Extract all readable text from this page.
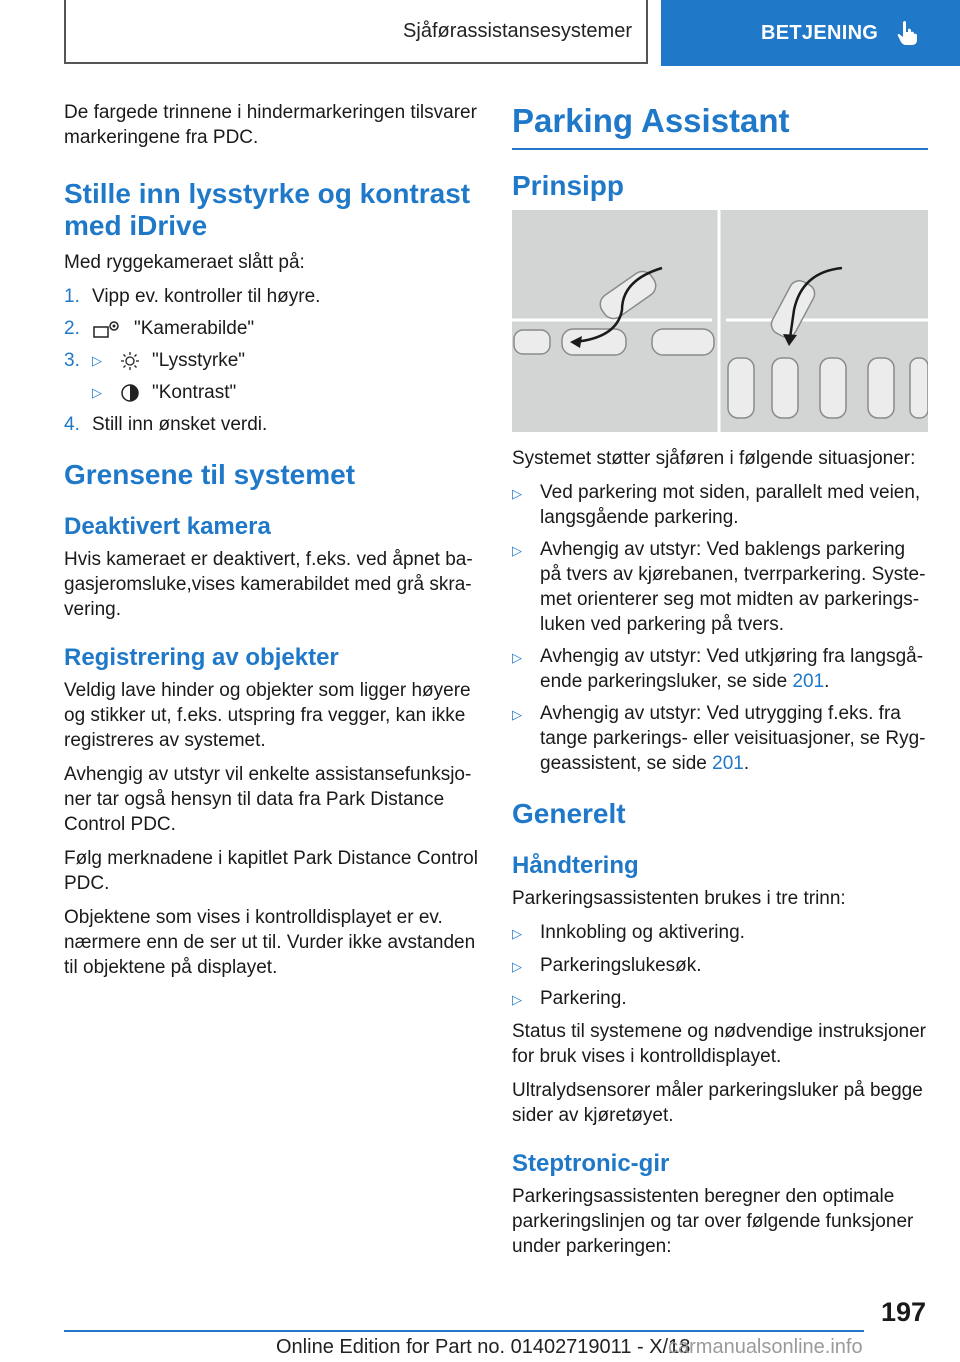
Sjåførassistansesystemer	BETJENING

De fargede trinnene i hindermarkeringen tilsvarer markeringene fra PDC.

Stille inn lysstyrke og kontrast med iDrive

Med ryggekameraet slått på:

1. Vipp ev. kontroller til høyre.
2.	"Kamerabilde"
3. ▷	"Lysstyrke"
▷	"Kontrast"
4. Still inn ønsket verdi.
Grensene til systemet
Deaktivert kamera

Hvis kameraet er deaktivert, f.eks. ved åpnet bagasjeromsluke,vises kamerabildet med grå skravering.

Registrering av objekter

Veldig lave hinder og objekter som ligger høyere og stikker ut, f.eks. utspring fra vegger, kan ikke registreres av systemet.

Avhengig av utstyr vil enkelte assistansefunksjoner tar også hensyn til data fra Park Distance Control PDC.

Følg merknadene i kapitlet Park Distance Control PDC.

Objektene som vises i kontrolldisplayet er ev. nærmere enn de ser ut til. Vurder ikke avstanden til objektene på displayet.

Parking Assistant
Prinsipp

Systemet støtter sjåføren i følgende situasjoner:

▷ Ved parkering mot siden, parallelt med veien, langsgående parkering.
▷ Avhengig av utstyr: Ved baklengs parkering på tvers av kjørebanen, tverrparkering. Systemet orienterer seg mot midten av parkeringsluken ved parkering på tvers.
▷ Avhengig av utstyr: Ved utkjøring fra langsgående parkeringsluker, se side 201.
▷ Avhengig av utstyr: Ved utrygging f.eks. fra tange parkerings- eller veisituasjoner, se Ryggeassistent, se side 201.
Generelt
Håndtering

Parkeringsassistenten brukes i tre trinn:

▷ Innkobling og aktivering.
▷ Parkeringslukesøk.
▷ Parkering.

Status til systemene og nødvendige instruksjoner for bruk vises i kontrolldisplayet.

Ultralydsensorer måler parkeringsluker på begge sider av kjøretøyet.

Steptronic-gir

Parkeringsassistenten beregner den optimale parkeringslinjen og tar over følgende funksjoner under parkeringen:

197
Online Edition for Part no. 01402719011 - X/18
carmanualsonline.info
